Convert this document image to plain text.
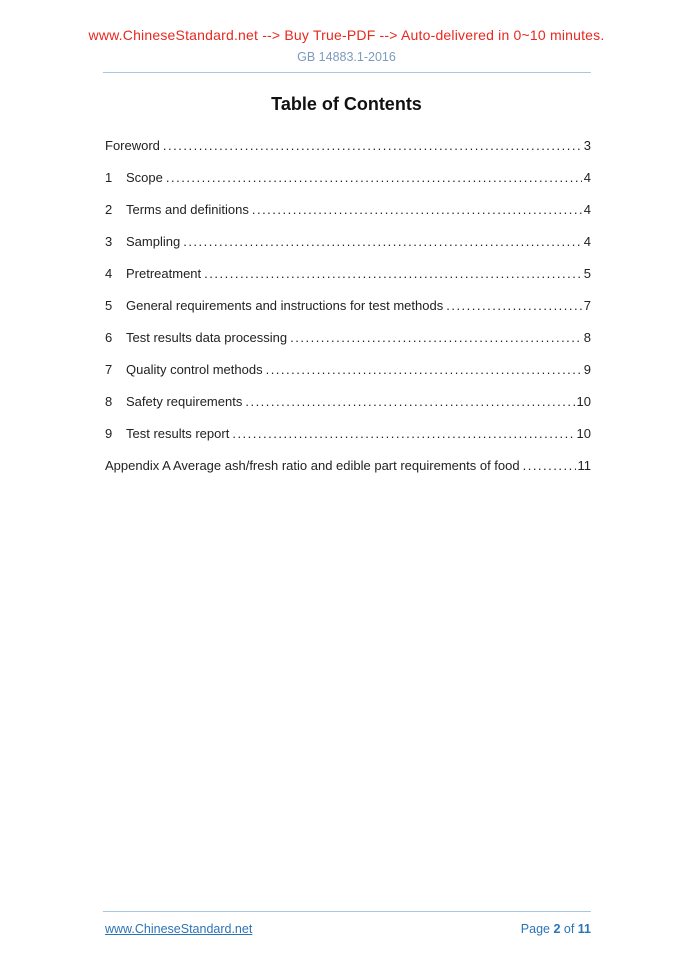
www.ChineseStandard.net --> Buy True-PDF --> Auto-delivered in 0~10 minutes.
GB 14883.1-2016
Table of Contents
Foreword .....	3
1	Scope .....	4
2	Terms and definitions .....	4
3	Sampling .....	4
4	Pretreatment .....	5
5	General requirements and instructions for test methods .....	7
6	Test results data processing .....	8
7	Quality control methods .....	9
8	Safety requirements .....	10
9	Test results report .....	10
Appendix A Average ash/fresh ratio and edible part requirements of food .....	11
www.ChineseStandard.net	Page 2 of 11
